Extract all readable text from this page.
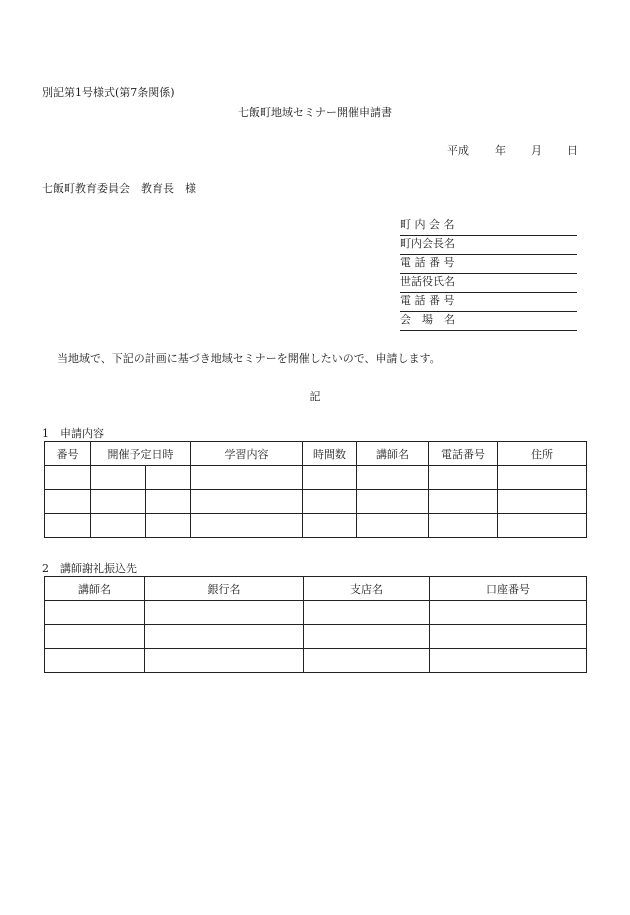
別記第1号様式(第7条関係)
七飯町地域セミナー開催申請書
平成 年 月 日
七飯町教育委員会　教育長　様
町 内 会 名
町内会長名
電 話 番 号
世話役氏名
電 話 番 号
会　場　名
当地域で、下記の計画に基づき地域セミナーを開催したいので、申請します。
記
1　申請内容
番号	開催予定日時		学習内容	時間数	講師名	電話番号	住所

2　講師謝礼振込先
講師名	銀行名	支店名	口座番号
